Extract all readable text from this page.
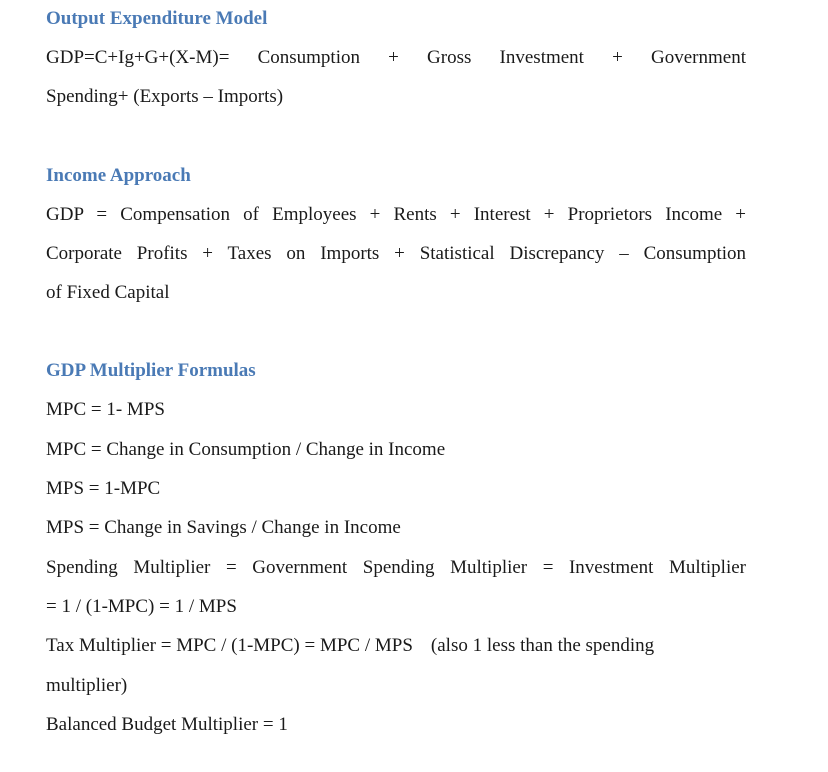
Output Expenditure Model

GDP=C+Ig+G+(X-M)= Consumption + Gross Investment + Government

Spending+ (Exports – Imports)

Income Approach

GDP = Compensation of Employees + Rents + Interest + Proprietors Income +

Corporate Profits + Taxes on Imports + Statistical Discrepancy – Consumption

of Fixed Capital

GDP Multiplier Formulas

MPC = 1- MPS

MPC = Change in Consumption / Change in Income

MPS = 1-MPC

MPS = Change in Savings / Change in Income

Spending Multiplier = Government Spending Multiplier = Investment Multiplier

= 1 / (1-MPC) = 1 / MPS

Tax Multiplier = MPC / (1-MPC) = MPC / MPS (also 1 less than the spending

multiplier)

Balanced Budget Multiplier = 1
